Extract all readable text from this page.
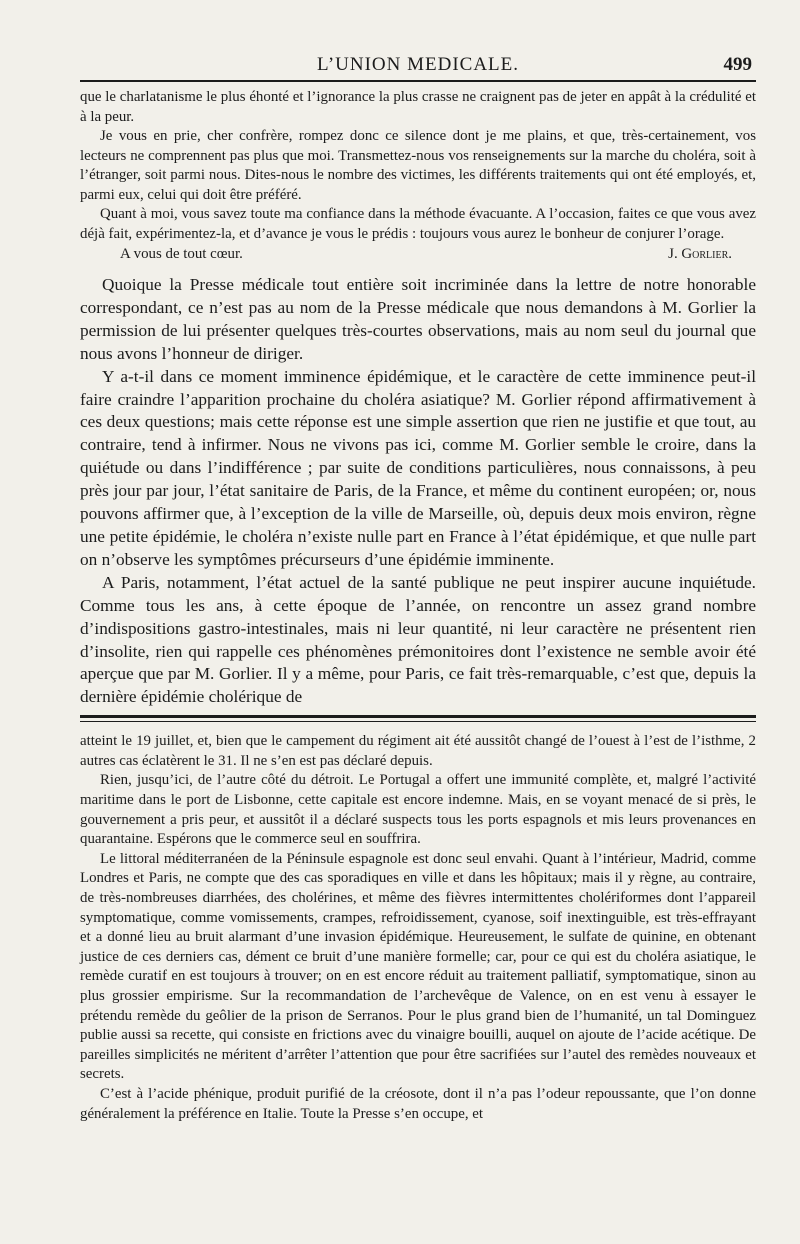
L’UNION MEDICALE.	499

que le charlatanisme le plus éhonté et l’ignorance la plus crasse ne craignent pas de jeter en appât à la crédulité et à la peur.

Je vous en prie, cher confrère, rompez donc ce silence dont je me plains, et que, très-certainement, vos lecteurs ne comprennent pas plus que moi. Transmettez-nous vos renseignements sur la marche du choléra, soit à l’étranger, soit parmi nous. Dites-nous le nombre des victimes, les différents traitements qui ont été employés, et, parmi eux, celui qui doit être préféré.

Quant à moi, vous savez toute ma confiance dans la méthode évacuante. A l’occasion, faites ce que vous avez déjà fait, expérimentez-la, et d’avance je vous le prédis : toujours vous aurez le bonheur de conjurer l’orage.

A vous de tout cœur.	J. Gorlier.

Quoique la Presse médicale tout entière soit incriminée dans la lettre de notre honorable correspondant, ce n’est pas au nom de la Presse médicale que nous demandons à M. Gorlier la permission de lui présenter quelques très-courtes observations, mais au nom seul du journal que nous avons l’honneur de diriger.

Y a-t-il dans ce moment imminence épidémique, et le caractère de cette imminence peut-il faire craindre l’apparition prochaine du choléra asiatique? M. Gorlier répond affirmativement à ces deux questions; mais cette réponse est une simple assertion que rien ne justifie et que tout, au contraire, tend à infirmer. Nous ne vivons pas ici, comme M. Gorlier semble le croire, dans la quiétude ou dans l’indifférence ; par suite de conditions particulières, nous connaissons, à peu près jour par jour, l’état sanitaire de Paris, de la France, et même du continent européen; or, nous pouvons affirmer que, à l’exception de la ville de Marseille, où, depuis deux mois environ, règne une petite épidémie, le choléra n’existe nulle part en France à l’état épidémique, et que nulle part on n’observe les symptômes précurseurs d’une épidémie imminente.

A Paris, notamment, l’état actuel de la santé publique ne peut inspirer aucune inquiétude. Comme tous les ans, à cette époque de l’année, on rencontre un assez grand nombre d’indispositions gastro-intestinales, mais ni leur quantité, ni leur caractère ne présentent rien d’insolite, rien qui rappelle ces phénomènes prémonitoires dont l’existence ne semble avoir été aperçue que par M. Gorlier. Il y a même, pour Paris, ce fait très-remarquable, c’est que, depuis la dernière épidémie cholérique de

atteint le 19 juillet, et, bien que le campement du régiment ait été aussitôt changé de l’ouest à l’est de l’isthme, 2 autres cas éclatèrent le 31. Il ne s’en est pas déclaré depuis.

Rien, jusqu’ici, de l’autre côté du détroit. Le Portugal a offert une immunité complète, et, malgré l’activité maritime dans le port de Lisbonne, cette capitale est encore indemne. Mais, en se voyant menacé de si près, le gouvernement a pris peur, et aussitôt il a déclaré suspects tous les ports espagnols et mis leurs provenances en quarantaine. Espérons que le commerce seul en souffrira.

Le littoral méditerranéen de la Péninsule espagnole est donc seul envahi. Quant à l’intérieur, Madrid, comme Londres et Paris, ne compte que des cas sporadiques en ville et dans les hôpitaux; mais il y règne, au contraire, de très-nombreuses diarrhées, des cholérines, et même des fièvres intermittentes cholériformes dont l’appareil symptomatique, comme vomissements, crampes, refroidissement, cyanose, soif inextinguible, est très-effrayant et a donné lieu au bruit alarmant d’une invasion épidémique. Heureusement, le sulfate de quinine, en obtenant justice de ces derniers cas, dément ce bruit d’une manière formelle; car, pour ce qui est du choléra asiatique, le remède curatif en est toujours à trouver; on en est encore réduit au traitement palliatif, symptomatique, sinon au plus grossier empirisme. Sur la recommandation de l’archevêque de Valence, on en est venu à essayer le prétendu remède du geôlier de la prison de Serranos. Pour le plus grand bien de l’humanité, un tal Dominguez publie aussi sa recette, qui consiste en frictions avec du vinaigre bouilli, auquel on ajoute de l’acide acétique. De pareilles simplicités ne méritent d’arrêter l’attention que pour être sacrifiées sur l’autel des remèdes nouveaux et secrets.

C’est à l’acide phénique, produit purifié de la créosote, dont il n’a pas l’odeur repoussante, que l’on donne généralement la préférence en Italie. Toute la Presse s’en occupe, et
